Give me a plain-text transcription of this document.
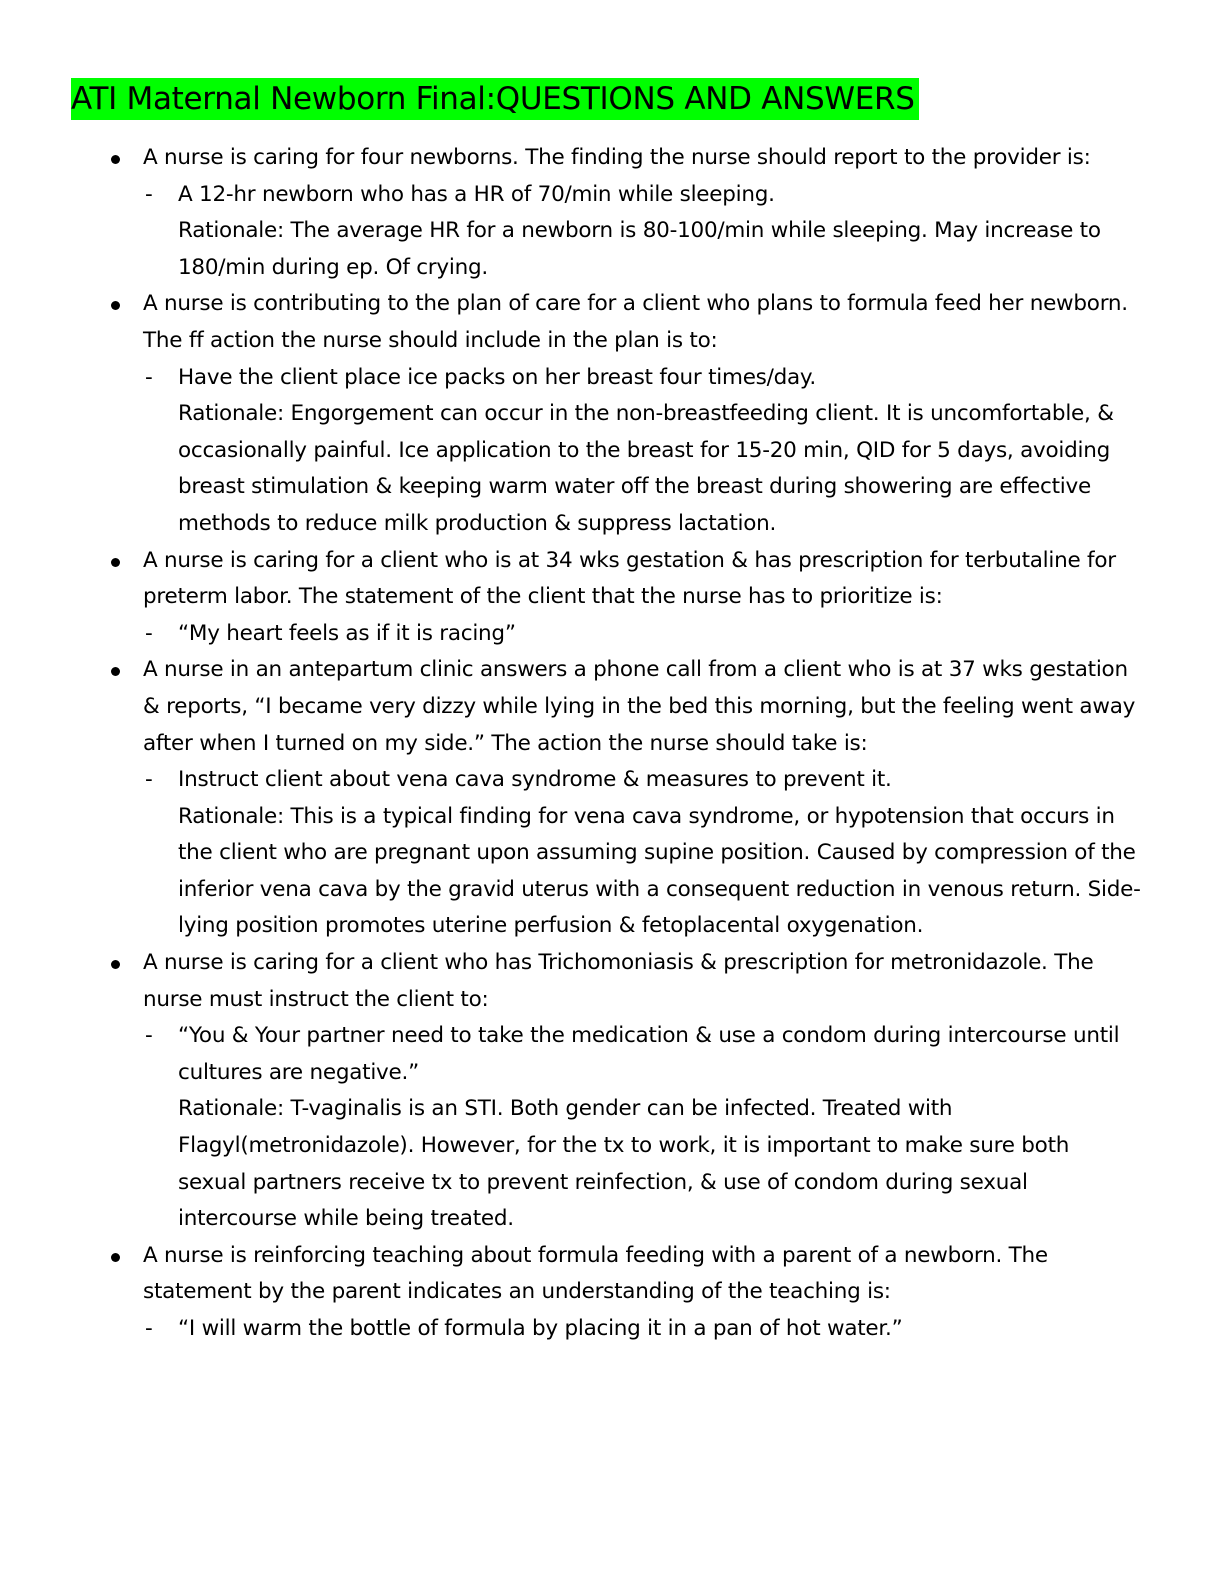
ATI Maternal Newborn Final:QUESTIONS AND ANSWERS
A nurse is caring for four newborns. The finding the nurse should report to the provider is:
- A 12-hr newborn who has a HR of 70/min while sleeping.
Rationale: The average HR for a newborn is 80-100/min while sleeping. May increase to 180/min during ep. Of crying.
A nurse is contributing to the plan of care for a client who plans to formula feed her newborn. The ff action the nurse should include in the plan is to:
- Have the client place ice packs on her breast four times/day.
Rationale: Engorgement can occur in the non-breastfeeding client. It is uncomfortable, & occasionally painful. Ice application to the breast for 15-20 min, QID for 5 days, avoiding breast stimulation & keeping warm water off the breast during showering are effective methods to reduce milk production & suppress lactation.
A nurse is caring for a client who is at 34 wks gestation & has prescription for terbutaline for preterm labor. The statement of the client that the nurse has to prioritize is:
- “My heart feels as if it is racing”
A nurse in an antepartum clinic answers a phone call from a client who is at 37 wks gestation & reports, “I became very dizzy while lying in the bed this morning, but the feeling went away after when I turned on my side.” The action the nurse should take is:
- Instruct client about vena cava syndrome & measures to prevent it.
Rationale: This is a typical finding for vena cava syndrome, or hypotension that occurs in the client who are pregnant upon assuming supine position. Caused by compression of the inferior vena cava by the gravid uterus with a consequent reduction in venous return. Side-lying position promotes uterine perfusion & fetoplacental oxygenation.
A nurse is caring for a client who has Trichomoniasis & prescription for metronidazole. The nurse must instruct the client to:
- “You & Your partner need to take the medication & use a condom during intercourse until cultures are negative.”
Rationale: T-vaginalis is an STI. Both gender can be infected. Treated with Flagyl(metronidazole). However, for the tx to work, it is important to make sure both sexual partners receive tx to prevent reinfection, & use of condom during sexual intercourse while being treated.
A nurse is reinforcing teaching about formula feeding with a parent of a newborn. The statement by the parent indicates an understanding of the teaching is:
- “I will warm the bottle of formula by placing it in a pan of hot water.”
